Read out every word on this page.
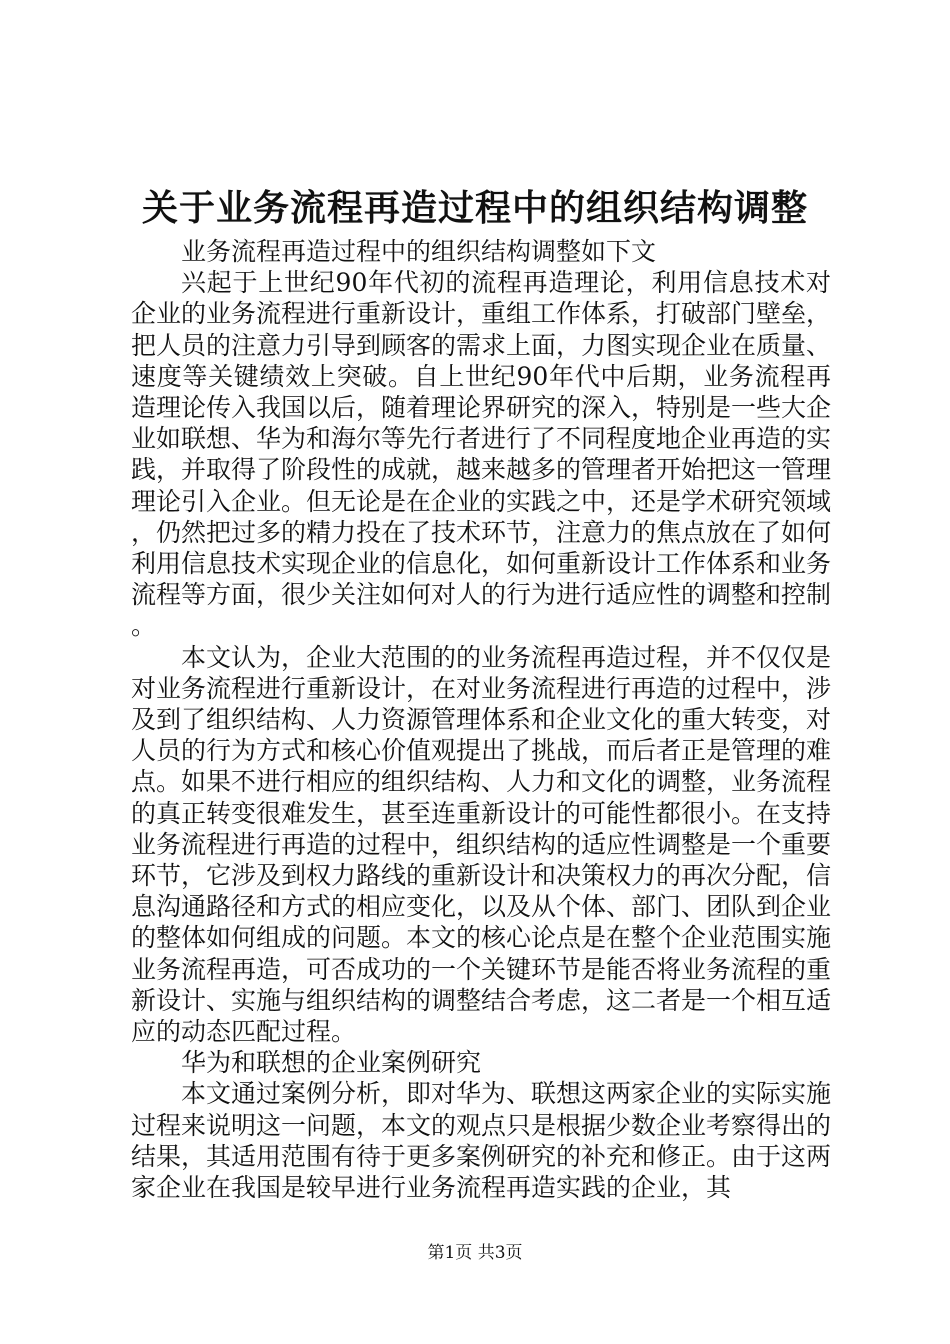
关于业务流程再造过程中的组织结构调整

业务流程再造过程中的组织结构调整如下文

兴起于上世纪90年代初的流程再造理论，利用信息技术对企业的业务流程进行重新设计，重组工作体系，打破部门壁垒，把人员的注意力引导到顾客的需求上面，力图实现企业在质量、速度等关键绩效上突破。自上世纪90年代中后期，业务流程再造理论传入我国以后，随着理论界研究的深入，特别是一些大企业如联想、华为和海尔等先行者进行了不同程度地企业再造的实践，并取得了阶段性的成就，越来越多的管理者开始把这一管理理论引入企业。但无论是在企业的实践之中，还是学术研究领域，仍然把过多的精力投在了技术环节，注意力的焦点放在了如何利用信息技术实现企业的信息化，如何重新设计工作体系和业务流程等方面，很少关注如何对人的行为进行适应性的调整和控制。

本文认为，企业大范围的的业务流程再造过程，并不仅仅是对业务流程进行重新设计，在对业务流程进行再造的过程中，涉及到了组织结构、人力资源管理体系和企业文化的重大转变，对人员的行为方式和核心价值观提出了挑战，而后者正是管理的难点。如果不进行相应的组织结构、人力和文化的调整，业务流程的真正转变很难发生，甚至连重新设计的可能性都很小。在支持业务流程进行再造的过程中，组织结构的适应性调整是一个重要环节，它涉及到权力路线的重新设计和决策权力的再次分配，信息沟通路径和方式的相应变化，以及从个体、部门、团队到企业的整体如何组成的问题。本文的核心论点是在整个企业范围实施业务流程再造，可否成功的一个关键环节是能否将业务流程的重新设计、实施与组织结构的调整结合考虑，这二者是一个相互适应的动态匹配过程。

华为和联想的企业案例研究

本文通过案例分析，即对华为、联想这两家企业的实际实施过程来说明这一问题，本文的观点只是根据少数企业考察得出的结果，其适用范围有待于更多案例研究的补充和修正。由于这两家企业在我国是较早进行业务流程再造实践的企业，其

第1页 共3页
